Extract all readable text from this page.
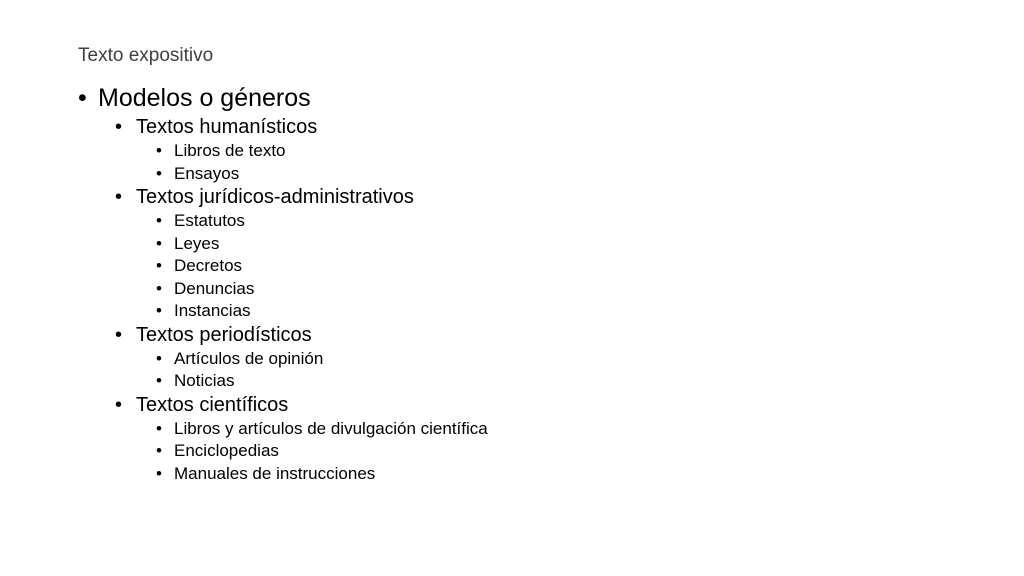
Texto expositivo
• Modelos o géneros
• Textos humanísticos
• Libros de texto
• Ensayos
• Textos jurídicos-administrativos
• Estatutos
• Leyes
• Decretos
• Denuncias
• Instancias
• Textos periodísticos
• Artículos de opinión
• Noticias
• Textos científicos
• Libros y artículos de divulgación científica
• Enciclopedias
• Manuales de instrucciones
